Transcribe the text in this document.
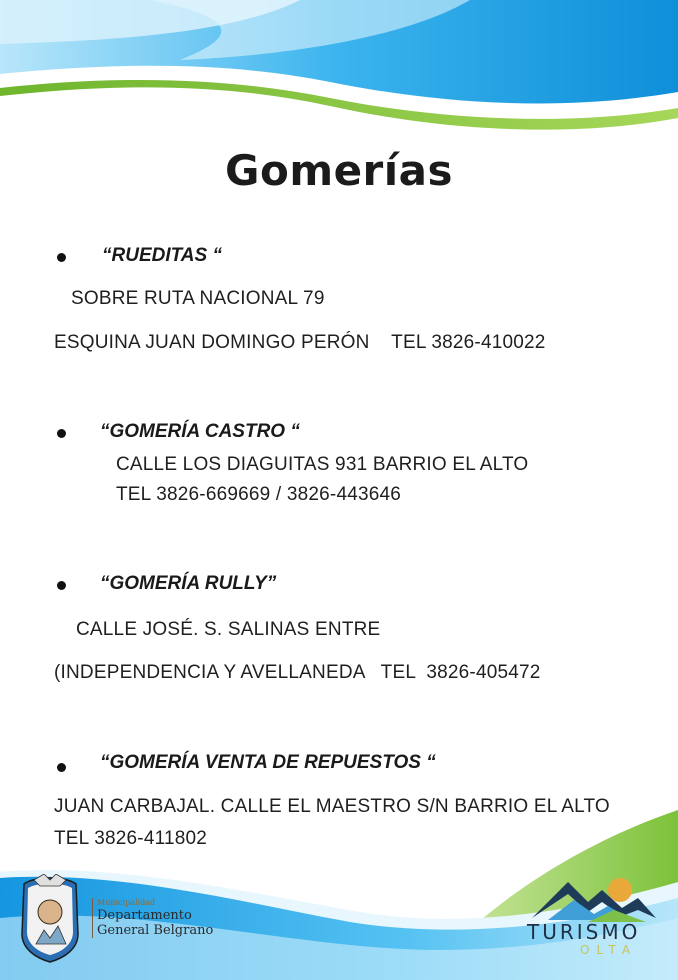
Gomerías
“RUEDITAS “
SOBRE RUTA NACIONAL 79
ESQUINA JUAN DOMINGO PERÓN    TEL 3826-410022
“GOMERÍA CASTRO “
CALLE LOS DIAGUITAS 931 BARRIO EL ALTO
TEL 3826-669669 / 3826-443646
“GOMERÍA RULLY”
CALLE JOSÉ. S. SALINAS ENTRE
(INDEPENDENCIA Y AVELLANEDA   TEL  3826-405472
“GOMERÍA VENTA DE REPUESTOS “
JUAN CARBAJAL. CALLE EL MAESTRO S/N BARRIO EL ALTO
TEL 3826-411802
Municipalidad
Departamento
General Belgrano	TURISMO
OLTA
